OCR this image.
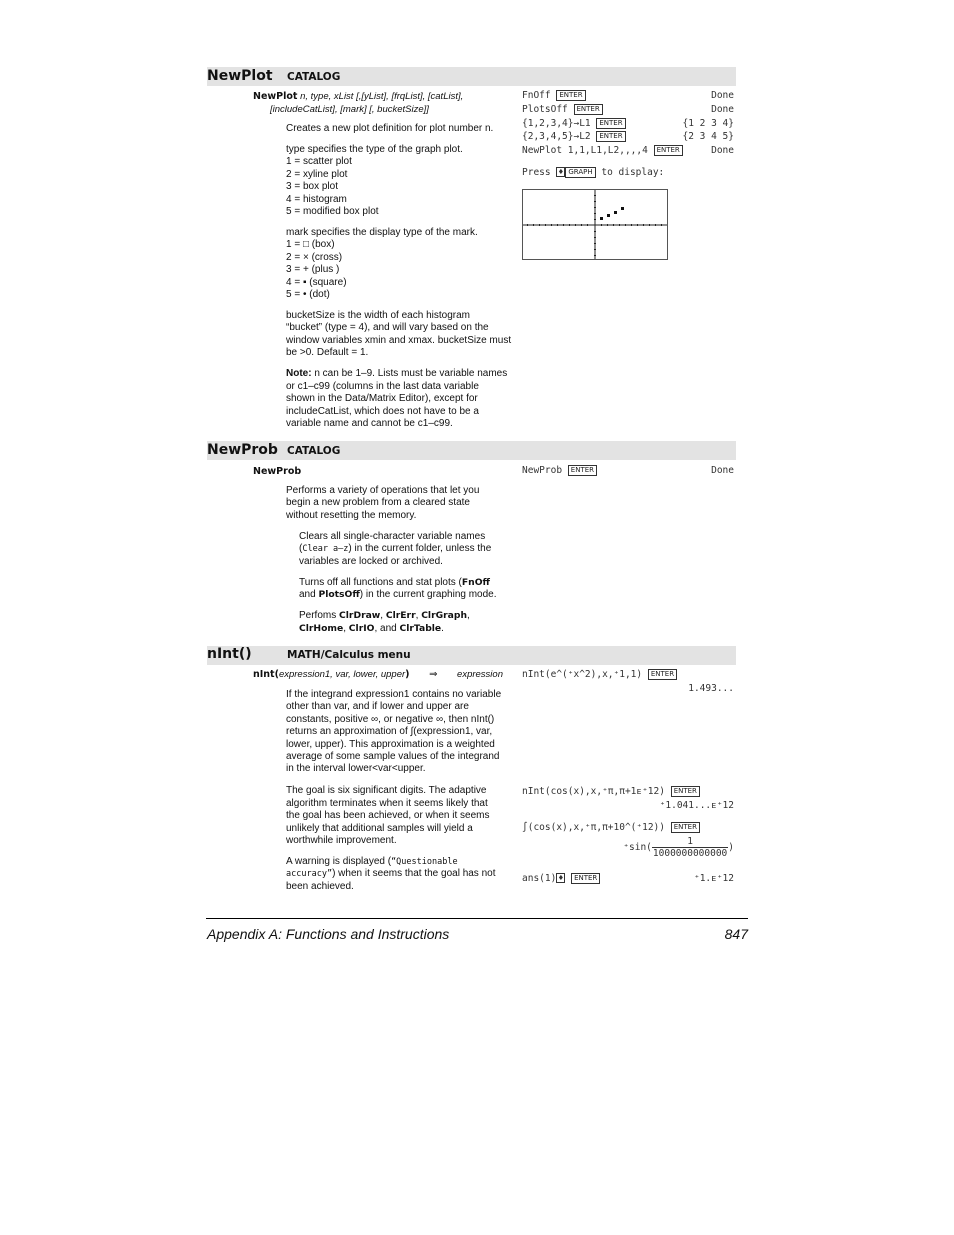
NewPlot CATALOG
NewPlot n, type, xList [,[yList], [frqList], [catList],
[includeCatList], [mark] [, bucketSize]]

Creates a new plot definition for plot number n.

type specifies the type of the graph plot.
1 = scatter plot
2 = xyline plot
3 = box plot
4 = histogram
5 = modified box plot

mark specifies the display type of the mark.
1 = □ (box)
2 = × (cross)
3 = + (plus )
4 = ▪ (square)
5 = • (dot)

bucketSize is the width of each histogram
“bucket” (type = 4), and will vary based on the
window variables xmin and xmax. bucketSize must
be >0. Default = 1.

Note: n can be 1–9. Lists must be variable names
or c1–c99 (columns in the last data variable
shown in the Data/Matrix Editor), except for
includeCatList, which does not have to be a
variable name and cannot be c1–c99.

FnOff ENTER	Done
PlotsOff ENTER	Done
{1,2,3,4}→L1 ENTER	{1 2 3 4}
{2,3,4,5}→L2 ENTER	{2 3 4 5}
NewPlot 1,1,L1,L2,,,,4 ENTER	Done
Press ♦ GRAPH to display:
NewProb CATALOG
NewProb

Performs a variety of operations that let you
begin a new problem from a cleared state
without resetting the memory.

Clears all single-character variable names
(Clear a–z) in the current folder, unless the
variables are locked or archived.

Turns off all functions and stat plots (FnOff
and PlotsOff) in the current graphing mode.

Perfoms ClrDraw, ClrErr, ClrGraph,
ClrHome, ClrIO, and ClrTable.

NewProb ENTER	Done
nInt()	MATH/Calculus menu
nInt(expression1, var, lower, upper) ⇒ expression

If the integrand expression1 contains no variable
other than var, and if lower and upper are
constants, positive ∞, or negative ∞, then nInt()
returns an approximation of ∫(expression1, var,
lower, upper). This approximation is a weighted
average of some sample values of the integrand
in the interval lower<var<upper.

The goal is six significant digits. The adaptive
algorithm terminates when it seems likely that
the goal has been achieved, or when it seems
unlikely that additional samples will yield a
worthwhile improvement.

A warning is displayed (“Questionable
accuracy”) when it seems that the goal has not
been achieved.

nInt(e^(⁺x^2),x,⁺1,1) ENTER
1.493...
nInt(cos(x),x,⁺π,π+1ᴇ⁺12) ENTER
⁺1.041...ᴇ⁺12
∫(cos(x),x,⁺π,π+10^(⁺12)) ENTER
$^+\sin( \frac{1}{1000000000000}$ )
ans(1)♦ ENTER	⁺1.ᴇ⁺12
Appendix A: Functions and Instructions	847
